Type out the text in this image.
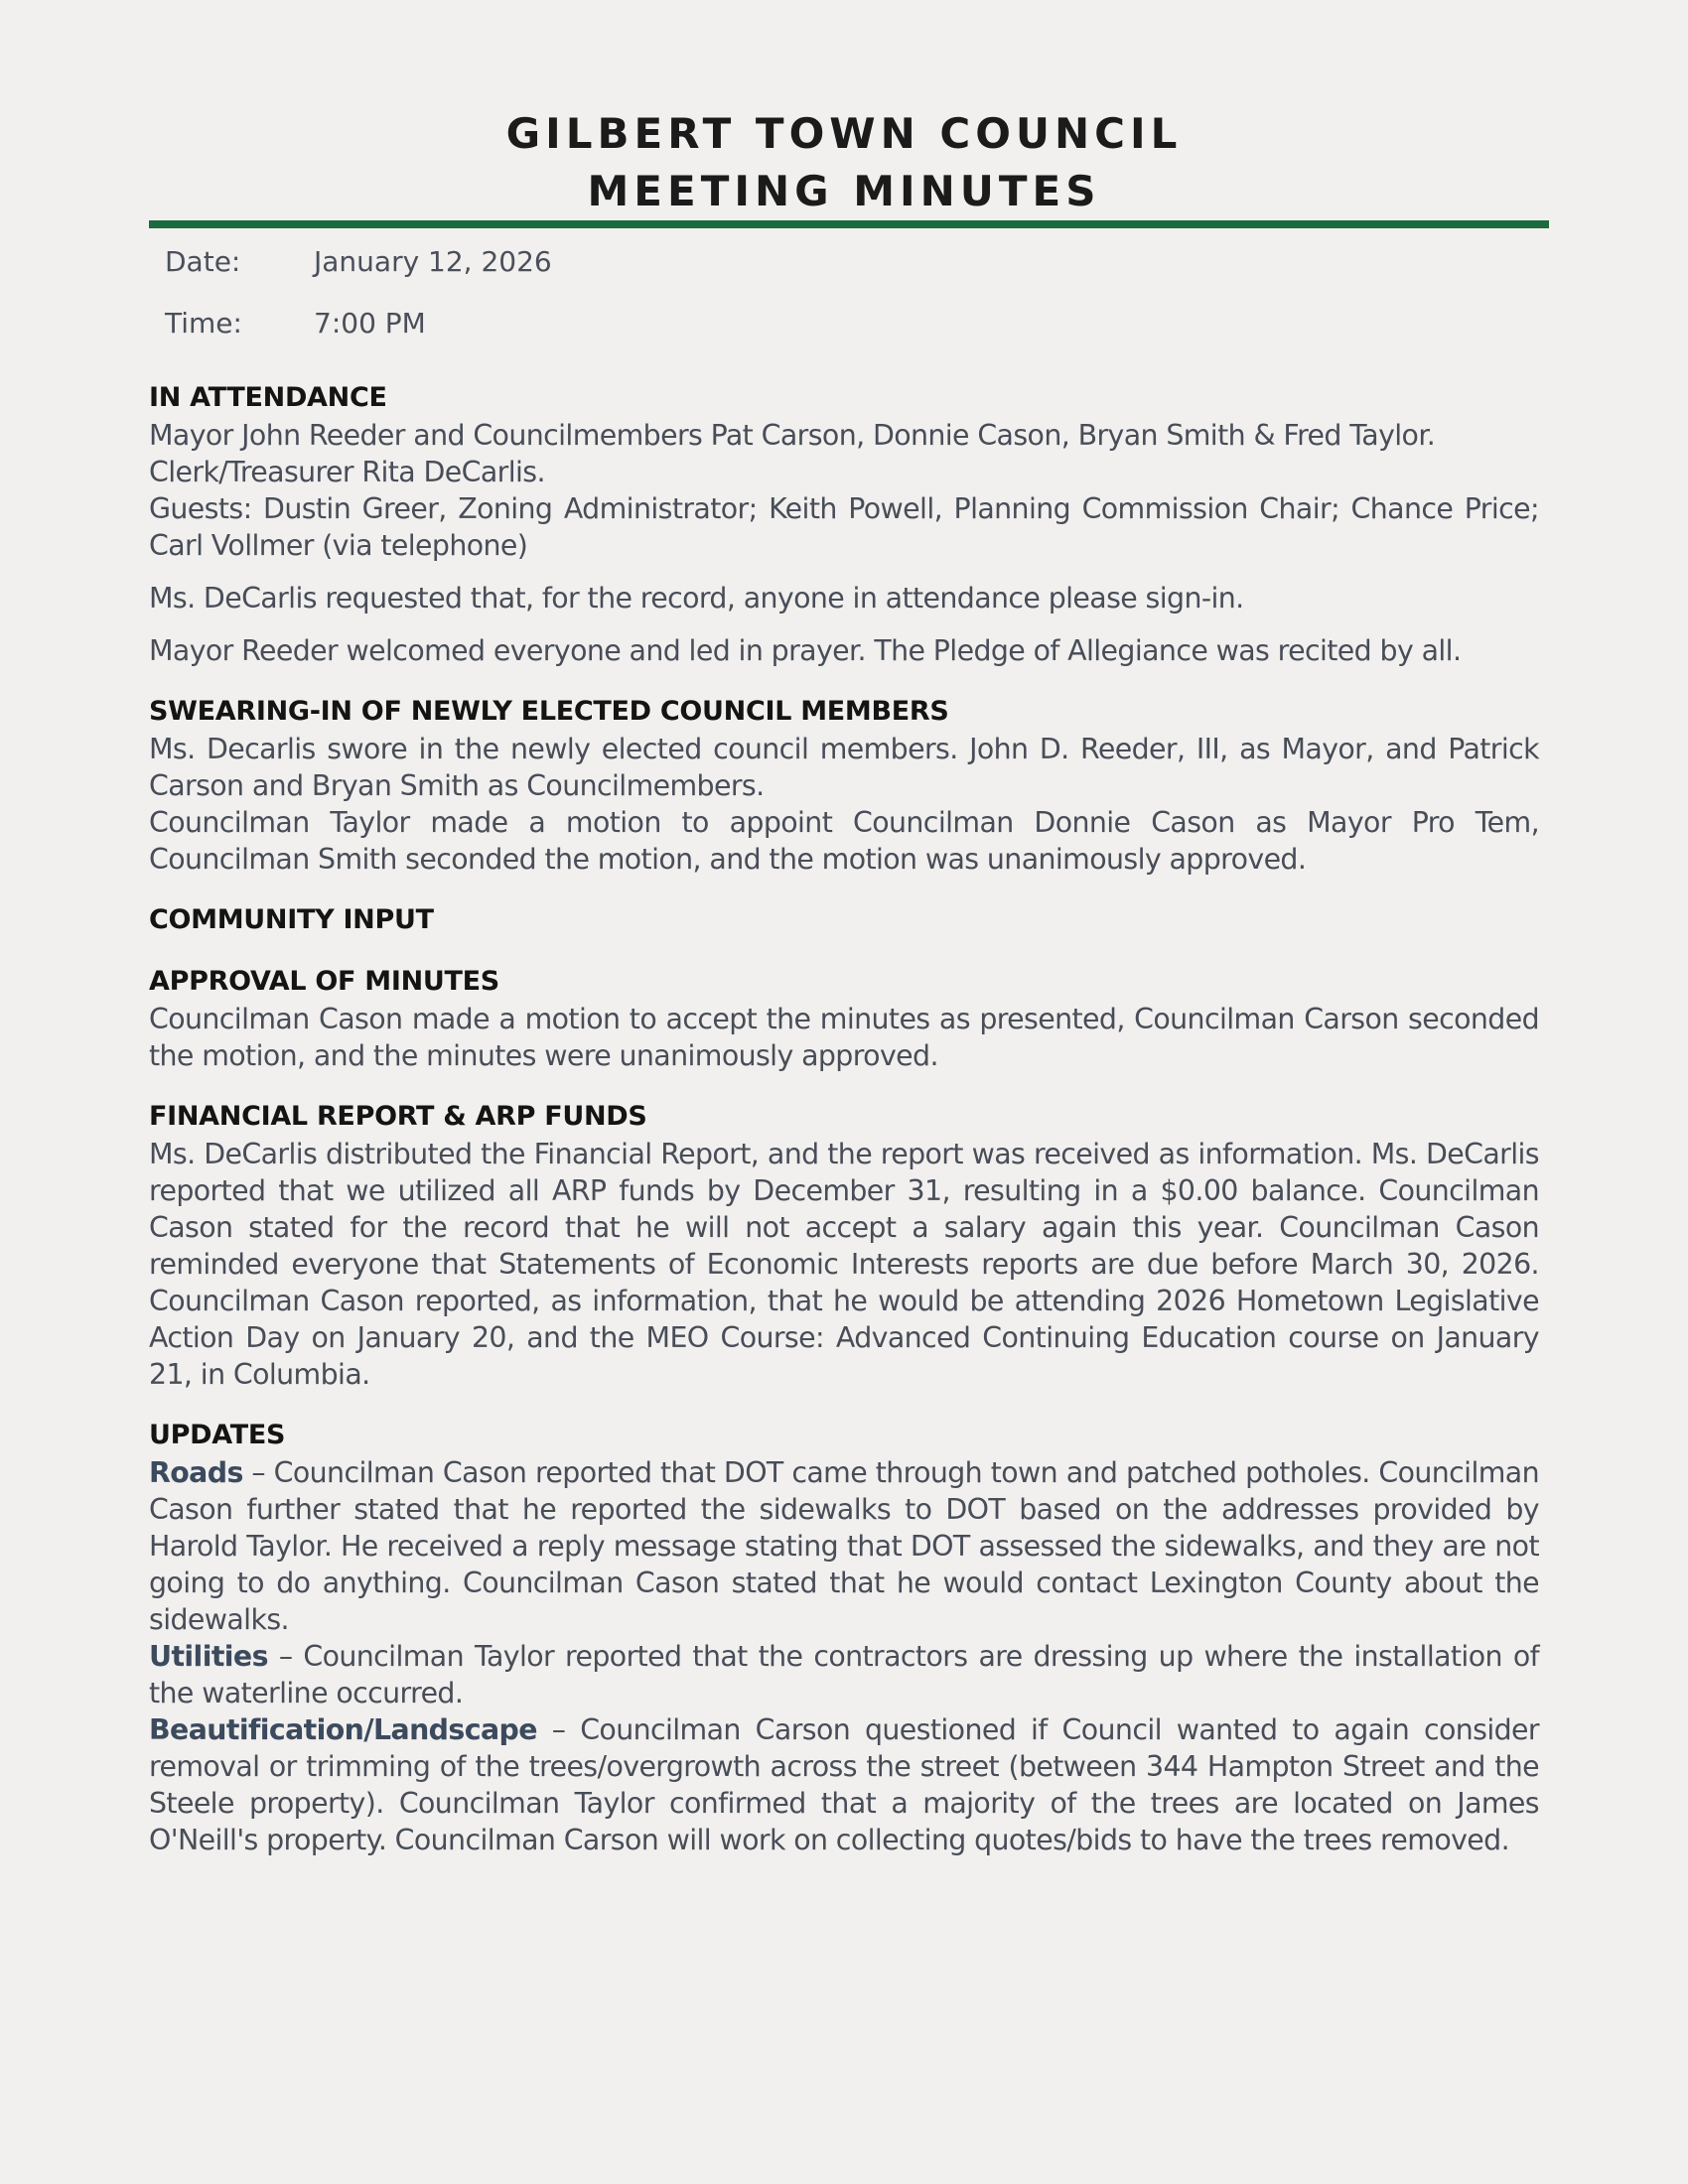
GILBERT TOWN COUNCIL
MEETING MINUTES
Date:	January 12, 2026
Time:	7:00 PM
IN ATTENDANCE

Mayor John Reeder and Councilmembers Pat Carson, Donnie Cason, Bryan Smith & Fred Taylor.

Clerk/Treasurer Rita DeCarlis.

Guests: Dustin Greer, Zoning Administrator; Keith Powell, Planning Commission Chair; Chance Price; Carl Vollmer (via telephone)

Ms. DeCarlis requested that, for the record, anyone in attendance please sign-in.

Mayor Reeder welcomed everyone and led in prayer. The Pledge of Allegiance was recited by all.

SWEARING-IN OF NEWLY ELECTED COUNCIL MEMBERS

Ms. Decarlis swore in the newly elected council members. John D. Reeder, III, as Mayor, and Patrick Carson and Bryan Smith as Councilmembers.

Councilman Taylor made a motion to appoint Councilman Donnie Cason as Mayor Pro Tem, Councilman Smith seconded the motion, and the motion was unanimously approved.

COMMUNITY INPUT
APPROVAL OF MINUTES

Councilman Cason made a motion to accept the minutes as presented, Councilman Carson seconded the motion, and the minutes were unanimously approved.

FINANCIAL REPORT & ARP FUNDS

Ms. DeCarlis distributed the Financial Report, and the report was received as information. Ms. DeCarlis reported that we utilized all ARP funds by December 31, resulting in a $0.00 balance. Councilman Cason stated for the record that he will not accept a salary again this year. Councilman Cason reminded everyone that Statements of Economic Interests reports are due before March 30, 2026. Councilman Cason reported, as information, that he would be attending 2026 Hometown Legislative Action Day on January 20, and the MEO Course: Advanced Continuing Education course on January 21, in Columbia.

UPDATES

Roads – Councilman Cason reported that DOT came through town and patched potholes. Councilman Cason further stated that he reported the sidewalks to DOT based on the addresses provided by Harold Taylor. He received a reply message stating that DOT assessed the sidewalks, and they are not going to do anything. Councilman Cason stated that he would contact Lexington County about the sidewalks.

Utilities – Councilman Taylor reported that the contractors are dressing up where the installation of the waterline occurred.

Beautification/Landscape – Councilman Carson questioned if Council wanted to again consider removal or trimming of the trees/overgrowth across the street (between 344 Hampton Street and the Steele property). Councilman Taylor confirmed that a majority of the trees are located on James O'Neill's property. Councilman Carson will work on collecting quotes/bids to have the trees removed.
